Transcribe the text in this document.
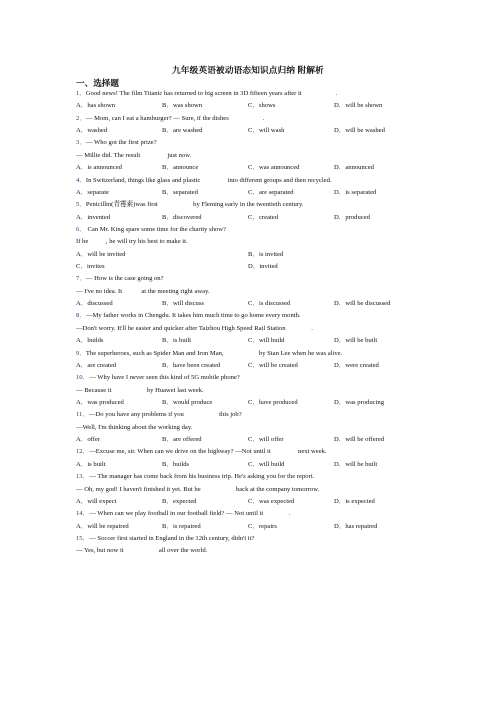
九年级英语被动语态知识点归纳 附解析
一、选择题
1．Good news! The film Titanic has returned to big screen in 3D fifteen years after it	.
A．has shown	B．was shown	C．shows	D．will be shown
2．— Mom, can I eat a hamburger? — Sure, if the dishes	.
A．washed	B．are washed	C．will wash	D．will be washed
3．— Who got the first prize?
— Millie did. The result	just now.
A．is announced	B．announce	C．was announced	D．announced
4．In Switzerland, things like glass and plastic	into different groups and then recycled.
A．separate	B．separated	C．are separated	D．is separated
5．Penicillin(青霉素)was first	by Fleming early in the twentieth century.
A．invented	B．discovered	C．created	D．produced
6． Can Mr. King spare some time for the charity show?
If he  , he will try his best to make it.
A．will be invited	B．is invited
C．invites	D．invited
7．— How is the case going on?
— I've no idea. It   at the meeting right away.
A．discussed	B．will discuss	C．is discussed	D．will be discussed
8．—My father works in Chengdu. It takes him much time to go home every month.
—Don't worry. It'll be easier and quicker after Taizhou High Speed Rail Station	.
A．builds	B．is built	C．will build	D．will be built
9．The superheroes, such as Spider Man and Iron Man,	by Stan Lee when he was alive.
A．are created	B．have been created	C．will be created	D．were created
10．— Why have I never seen this kind of 5G mobile phone?
— Because it	by Huawei last week.
A．was produced	B．would produce	C．have produced	D．was producing
11．—Do you have any problems if you	this job?
—Well, I'm thinking about the working day.
A．offer	B．are offered	C．will offer	D．will be offered
12．—Excuse me, sir. When can we drive on the highway? —Not until it	next week.
A．is built	B．builds	C．will build	D．will be built
13．— The manager has come back from his business trip. He's asking you for the report.
— Oh, my god! I haven't finished it yet. But he	back at the company tomorrow.
A．will expect	B．expected	C．was expected	D．is expected
14．— When can we play football in our football field? — Not until it	.
A．will be repaired	B．is repaired	C．repairs	D．has repaired
15．— Soccer first started in England in the 12th century, didn't it?
— Yes, but now it	all over the world.
